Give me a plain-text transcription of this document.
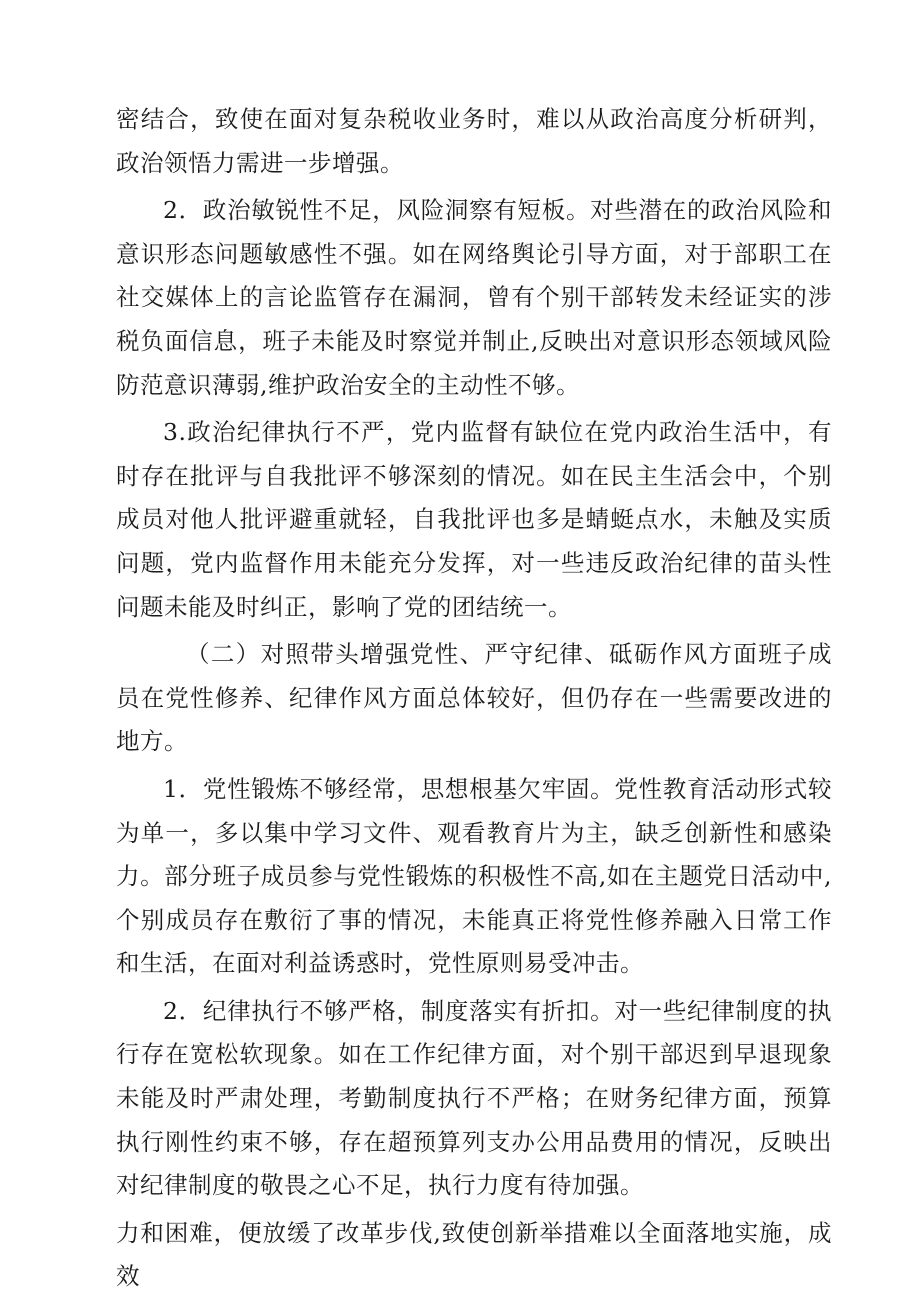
密结合，致使在面对复杂税收业务时，难以从政治高度分析研判，政治领悟力需进一步增强。

2．政治敏锐性不足，风险洞察有短板。对些潜在的政治风险和意识形态问题敏感性不强。如在网络舆论引导方面，对于部职工在社交媒体上的言论监管存在漏洞，曾有个别干部转发未经证实的涉税负面信息，班子未能及时察觉并制止,反映出对意识形态领域风险防范意识薄弱,维护政治安全的主动性不够。

3.政治纪律执行不严，党内监督有缺位在党内政治生活中，有时存在批评与自我批评不够深刻的情况。如在民主生活会中，个别成员对他人批评避重就轻，自我批评也多是蜻蜓点水，未触及实质问题，党内监督作用未能充分发挥，对一些违反政治纪律的苗头性问题未能及时纠正，影响了党的团结统一。

（二）对照带头增强党性、严守纪律、砥砺作风方面班子成员在党性修养、纪律作风方面总体较好，但仍存在一些需要改进的地方。

1．党性锻炼不够经常，思想根基欠牢固。党性教育活动形式较为单一，多以集中学习文件、观看教育片为主，缺乏创新性和感染力。部分班子成员参与党性锻炼的积极性不高,如在主题党日活动中,个别成员存在敷衍了事的情况，未能真正将党性修养融入日常工作和生活，在面对利益诱惑时，党性原则易受冲击。

2．纪律执行不够严格，制度落实有折扣。对一些纪律制度的执行存在宽松软现象。如在工作纪律方面，对个别干部迟到早退现象未能及时严肃处理，考勤制度执行不严格；在财务纪律方面，预算执行刚性约束不够，存在超预算列支办公用品费用的情况，反映出对纪律制度的敬畏之心不足，执行力度有待加强。

力和困难，便放缓了改革步伐,致使创新举措难以全面落地实施，成效
